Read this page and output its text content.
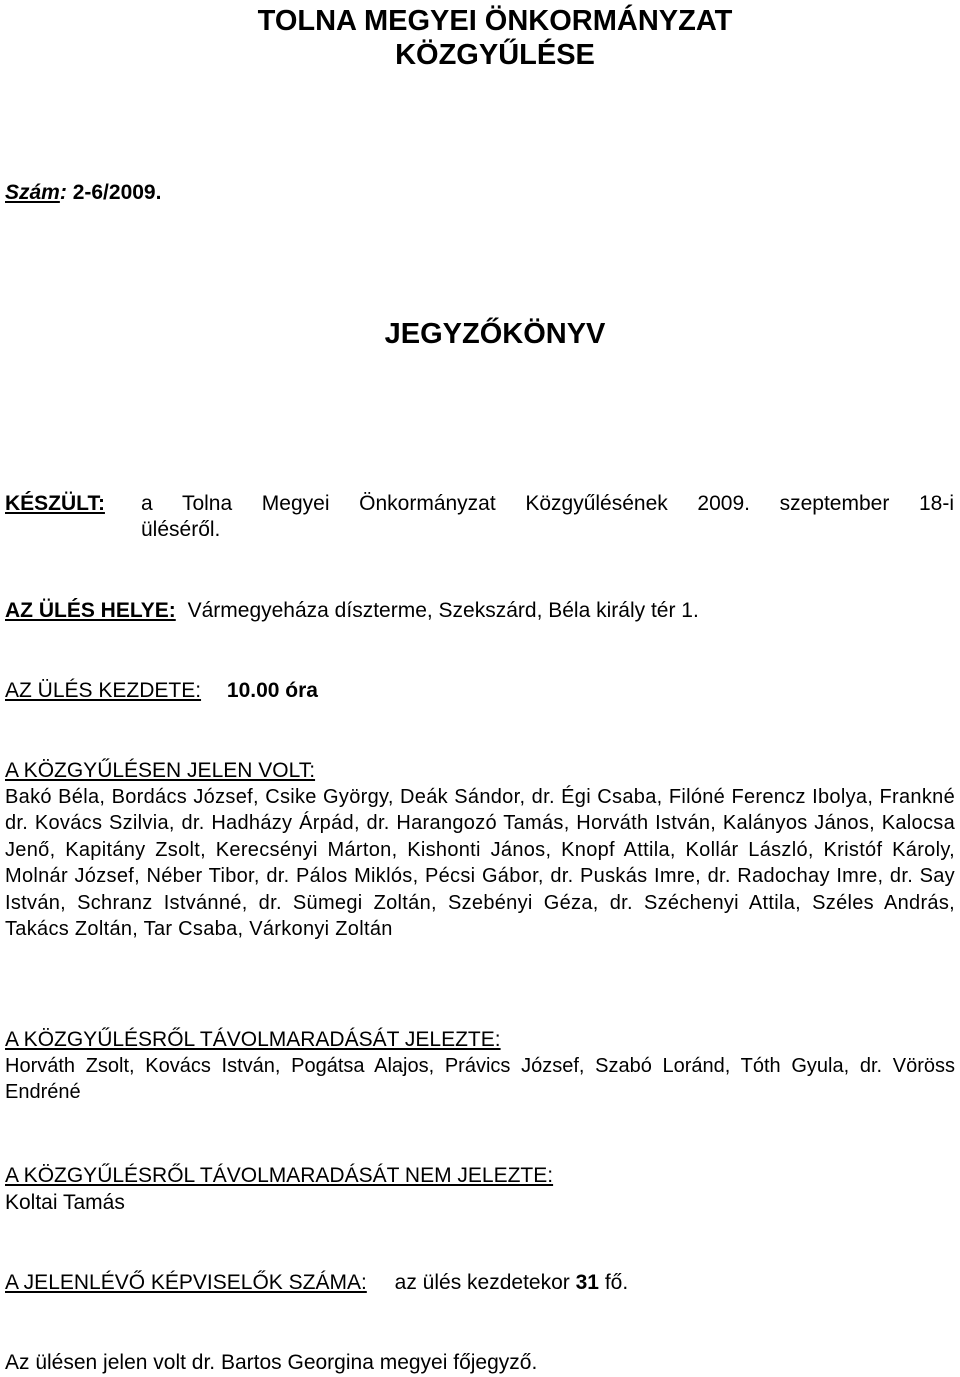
TOLNA MEGYEI ÖNKORMÁNYZAT
KÖZGYŰLÉSE
Szám: 2-6/2009.
JEGYZŐKÖNYV
KÉSZÜLT: a Tolna Megyei Önkormányzat Közgyűlésének 2009. szeptember 18-i
üléséről.
AZ ÜLÉS HELYE: Vármegyeháza díszterme, Szekszárd, Béla király tér 1.
AZ ÜLÉS KEZDETE: 10.00 óra
A KÖZGYŰLÉSEN JELEN VOLT:
Bakó Béla, Bordács József, Csike György, Deák Sándor, dr. Égi Csaba, Filóné Ferencz Ibolya, Frankné dr. Kovács Szilvia, dr. Hadházy Árpád, dr. Harangozó Tamás, Horváth István, Kalányos János, Kalocsa Jenő, Kapitány Zsolt, Kerecsényi Márton, Kishonti János, Knopf Attila, Kollár László, Kristóf Károly, Molnár József, Néber Tibor, dr. Pálos Miklós, Pécsi Gábor, dr. Puskás Imre, dr. Radochay Imre, dr. Say István, Schranz Istvánné, dr. Sümegi Zoltán, Szebényi Géza, dr. Széchenyi Attila, Széles András, Takács Zoltán, Tar Csaba, Várkonyi Zoltán
A KÖZGYŰLÉSRŐL TÁVOLMARADÁSÁT JELEZTE:
Horváth Zsolt, Kovács István, Pogátsa Alajos, Právics József, Szabó Loránd, Tóth Gyula, dr. Vöröss Endréné
A KÖZGYŰLÉSRŐL TÁVOLMARADÁSÁT NEM JELEZTE:
Koltai Tamás
A JELENLÉVŐ KÉPVISELŐK SZÁMA: az ülés kezdetekor 31 fő.
Az ülésen jelen volt dr. Bartos Georgina megyei főjegyző.
